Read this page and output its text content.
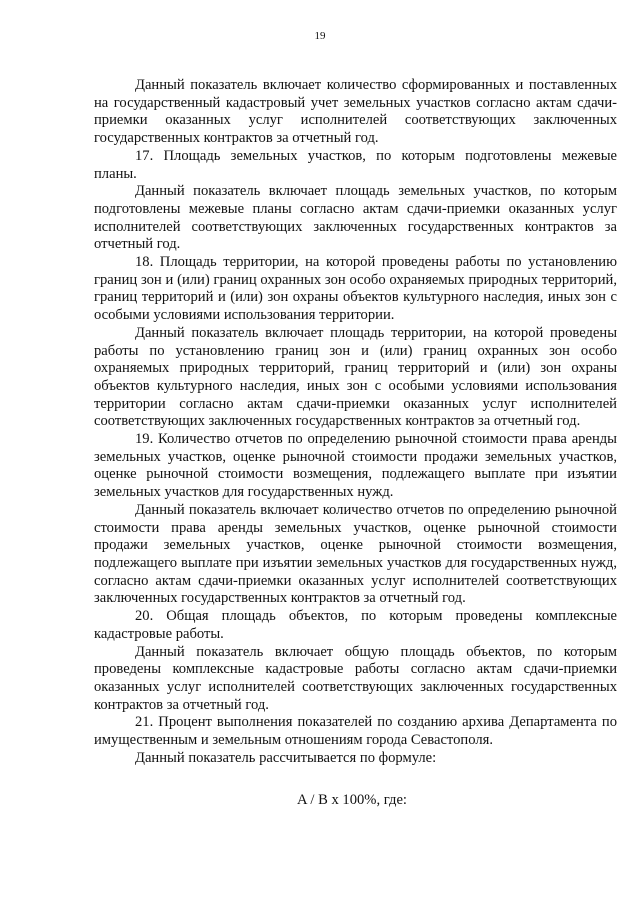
19

Данный показатель включает количество сформированных и поставленных на государственный кадастровый учет земельных участков согласно актам сдачи-приемки оказанных услуг исполнителей соответствующих заключенных государственных контрактов за отчетный год.

17. Площадь земельных участков, по которым подготовлены межевые планы.

Данный показатель включает площадь земельных участков, по которым подготовлены межевые планы согласно актам сдачи-приемки оказанных услуг исполнителей соответствующих заключенных государственных контрактов за отчетный год.

18. Площадь территории, на которой проведены работы по установлению границ зон и (или) границ охранных зон особо охраняемых природных территорий, границ территорий и (или) зон охраны объектов культурного наследия, иных зон с особыми условиями использования территории.

Данный показатель включает площадь территории, на которой проведены работы по установлению границ зон и (или) границ охранных зон особо охраняемых природных территорий, границ территорий и (или) зон охраны объектов культурного наследия, иных зон с особыми условиями использования территории согласно актам сдачи-приемки оказанных услуг исполнителей соответствующих заключенных государственных контрактов за отчетный год.

19. Количество отчетов по определению рыночной стоимости права аренды земельных участков, оценке рыночной стоимости продажи земельных участков, оценке рыночной стоимости возмещения, подлежащего выплате при изъятии земельных участков для государственных нужд.

Данный показатель включает количество отчетов по определению рыночной стоимости права аренды земельных участков, оценке рыночной стоимости продажи земельных участков, оценке рыночной стоимости возмещения, подлежащего выплате при изъятии земельных участков для государственных нужд, согласно актам сдачи-приемки оказанных услуг исполнителей соответствующих заключенных государственных контрактов за отчетный год.

20. Общая площадь объектов, по которым проведены комплексные кадастровые работы.

Данный показатель включает общую площадь объектов, по которым проведены комплексные кадастровые работы согласно актам сдачи-приемки оказанных услуг исполнителей соответствующих заключенных государственных контрактов за отчетный год.

21. Процент выполнения показателей по созданию архива Департамента по имущественным и земельным отношениям города Севастополя.

Данный показатель рассчитывается по формуле:

A / B x 100%, где:
